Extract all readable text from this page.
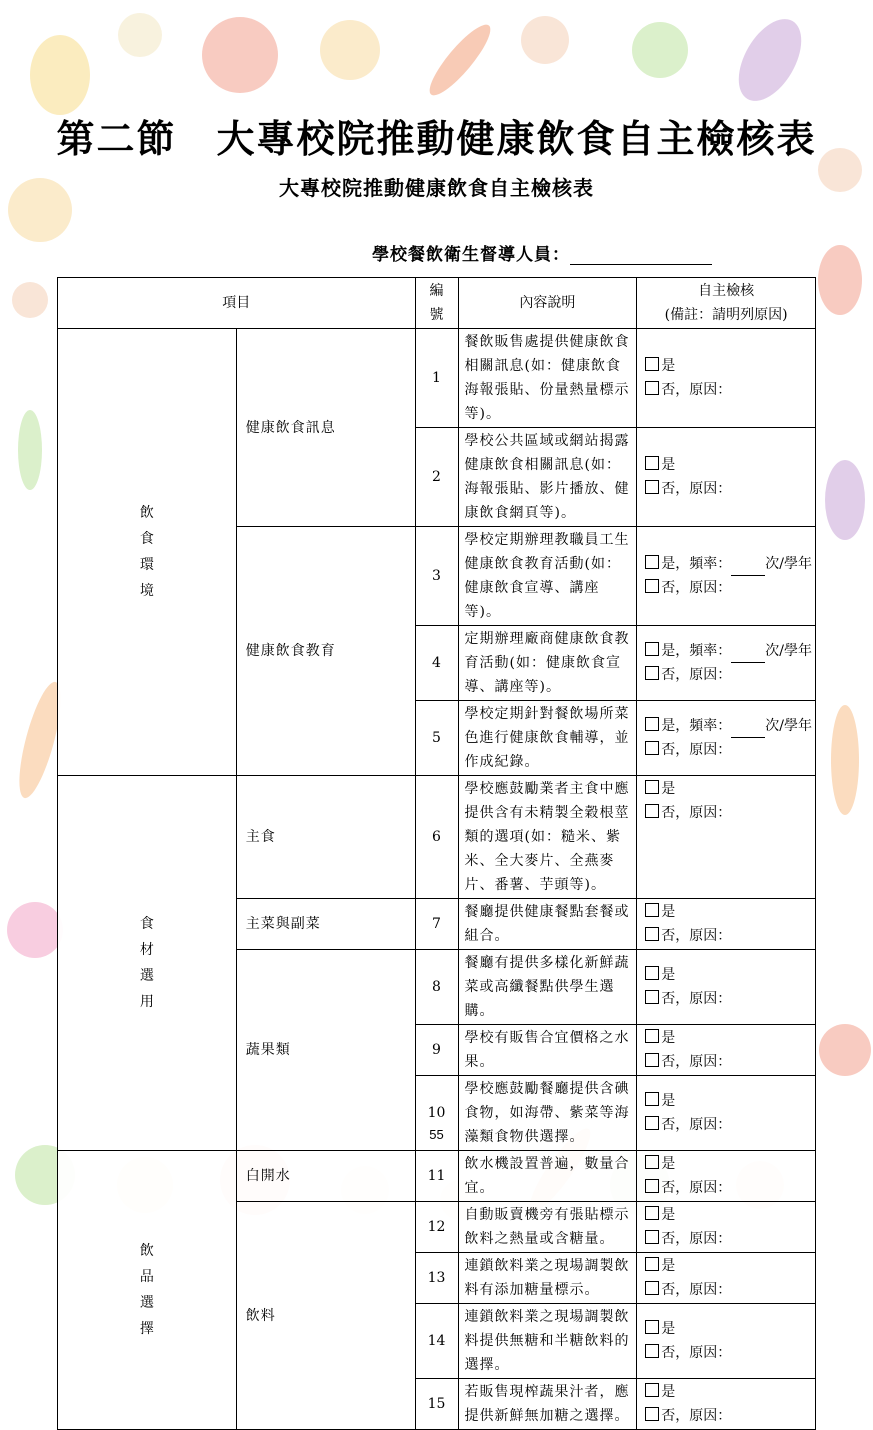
第二節　大專校院推動健康飲食自主檢核表
大專校院推動健康飲食自主檢核表
學校餐飲衛生督導人員：
項目		編號	內容說明	自主檢核
(備註：請明列原因)

飲食環境	健康飲食訊息	1	餐飲販售處提供健康飲食相關訊息(如：健康飲食海報張貼、份量熱量標示等)。	是
否，原因：

		2	學校公共區域或網站揭露健康飲食相關訊息(如：海報張貼、影片播放、健康飲食網頁等)。	是
否，原因：

	健康飲食教育	3	學校定期辦理教職員工生健康飲食教育活動(如：健康飲食宣導、講座等)。	是，頻率： 次/學年
否，原因：

		4	定期辦理廠商健康飲食教育活動(如：健康飲食宣導、講座等)。	是，頻率： 次/學年
否，原因：

		5	學校定期針對餐飲場所菜色進行健康飲食輔導，並作成紀錄。	是，頻率： 次/學年
否，原因：

食材選用	主食	6	學校應鼓勵業者主食中應提供含有未精製全穀根莖類的選項(如：糙米、紫米、全大麥片、全燕麥片、番薯、芋頭等)。	是
否，原因：

	主菜與副菜	7	餐廳提供健康餐點套餐或組合。	是
否，原因：

	蔬果類	8	餐廳有提供多樣化新鮮蔬菜或高纖餐點供學生選購。	是
否，原因：

		9	學校有販售合宜價格之水果。	是
否，原因：

		10	學校應鼓勵餐廳提供含碘食物，如海帶、紫菜等海藻類食物供選擇。	是
否，原因：

飲品選擇	白開水	11	飲水機設置普遍，數量合宜。	是
否，原因：

	飲料	12	自動販賣機旁有張貼標示飲料之熱量或含糖量。	是
否，原因：

		13	連鎖飲料業之現場調製飲料有添加糖量標示。	是
否，原因：

		14	連鎖飲料業之現場調製飲料提供無糖和半糖飲料的選擇。	是
否，原因：

		15	若販售現榨蔬果汁者，應提供新鮮無加糖之選擇。	是
否，原因：
55
